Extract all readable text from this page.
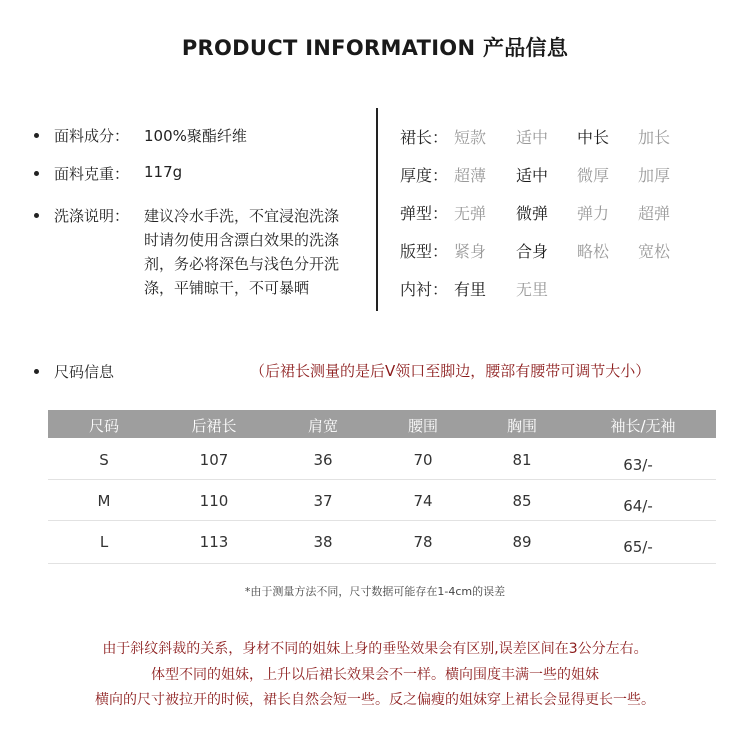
PRODUCT INFORMATION 产品信息
面料成分： 100%聚酯纤维
面料克重： 117g
洗涤说明： 建议冷水手洗，不宜浸泡洗涤
时请勿使用含漂白效果的洗涤
剂，务必将深色与浅色分开洗
涤，平铺晾干，不可暴晒
裙长： 短款 适中 中长 加长
厚度： 超薄 适中 微厚 加厚
弹型： 无弹 微弹 弹力 超弹
版型： 紧身 合身 略松 宽松
内衬： 有里 无里
尺码信息	（后裙长测量的是后V领口至脚边，腰部有腰带可调节大小）
尺码	后裙长	肩宽	腰围	胸围	袖长/无袖
S	107	36	70	81	63/-
M	110	37	74	85	64/-
L	113	38	78	89	65/-
*由于测量方法不同，尺寸数据可能存在1-4cm的误差
由于斜纹斜裁的关系，身材不同的姐妹上身的垂坠效果会有区别,误差区间在3公分左右。
体型不同的姐妹，上升以后裙长效果会不一样。横向围度丰满一些的姐妹
横向的尺寸被拉开的时候，裙长自然会短一些。反之偏瘦的姐妹穿上裙长会显得更长一些。
